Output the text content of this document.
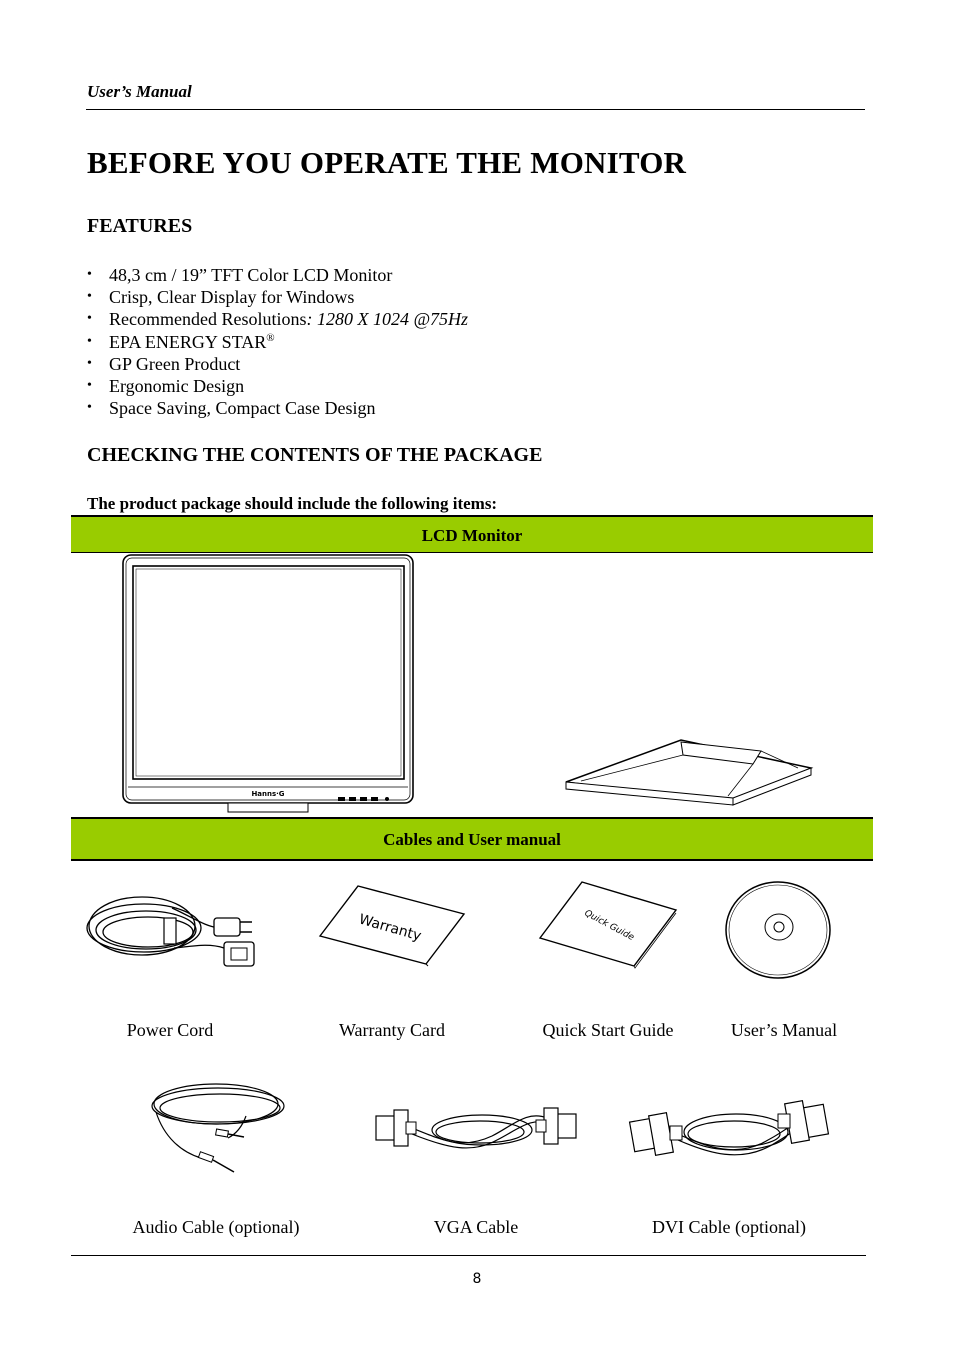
User’s Manual
BEFORE YOU OPERATE THE MONITOR
FEATURES
• 48,3 cm / 19” TFT Color LCD Monitor
• Crisp, Clear Display for Windows
• Recommended Resolutions: 1280 X 1024 @75Hz
• EPA ENERGY STAR®
• GP Green Product
• Ergonomic Design
• Space Saving, Compact Case Design
CHECKING THE CONTENTS OF THE PACKAGE
The product package should include the following items:
LCD Monitor
Hanns·G
Cables and User manual
Warranty	Quick Guide
Power Cord	Warranty Card	Quick Start Guide	User’s Manual
Audio Cable (optional)	VGA Cable	DVI Cable (optional)
8
